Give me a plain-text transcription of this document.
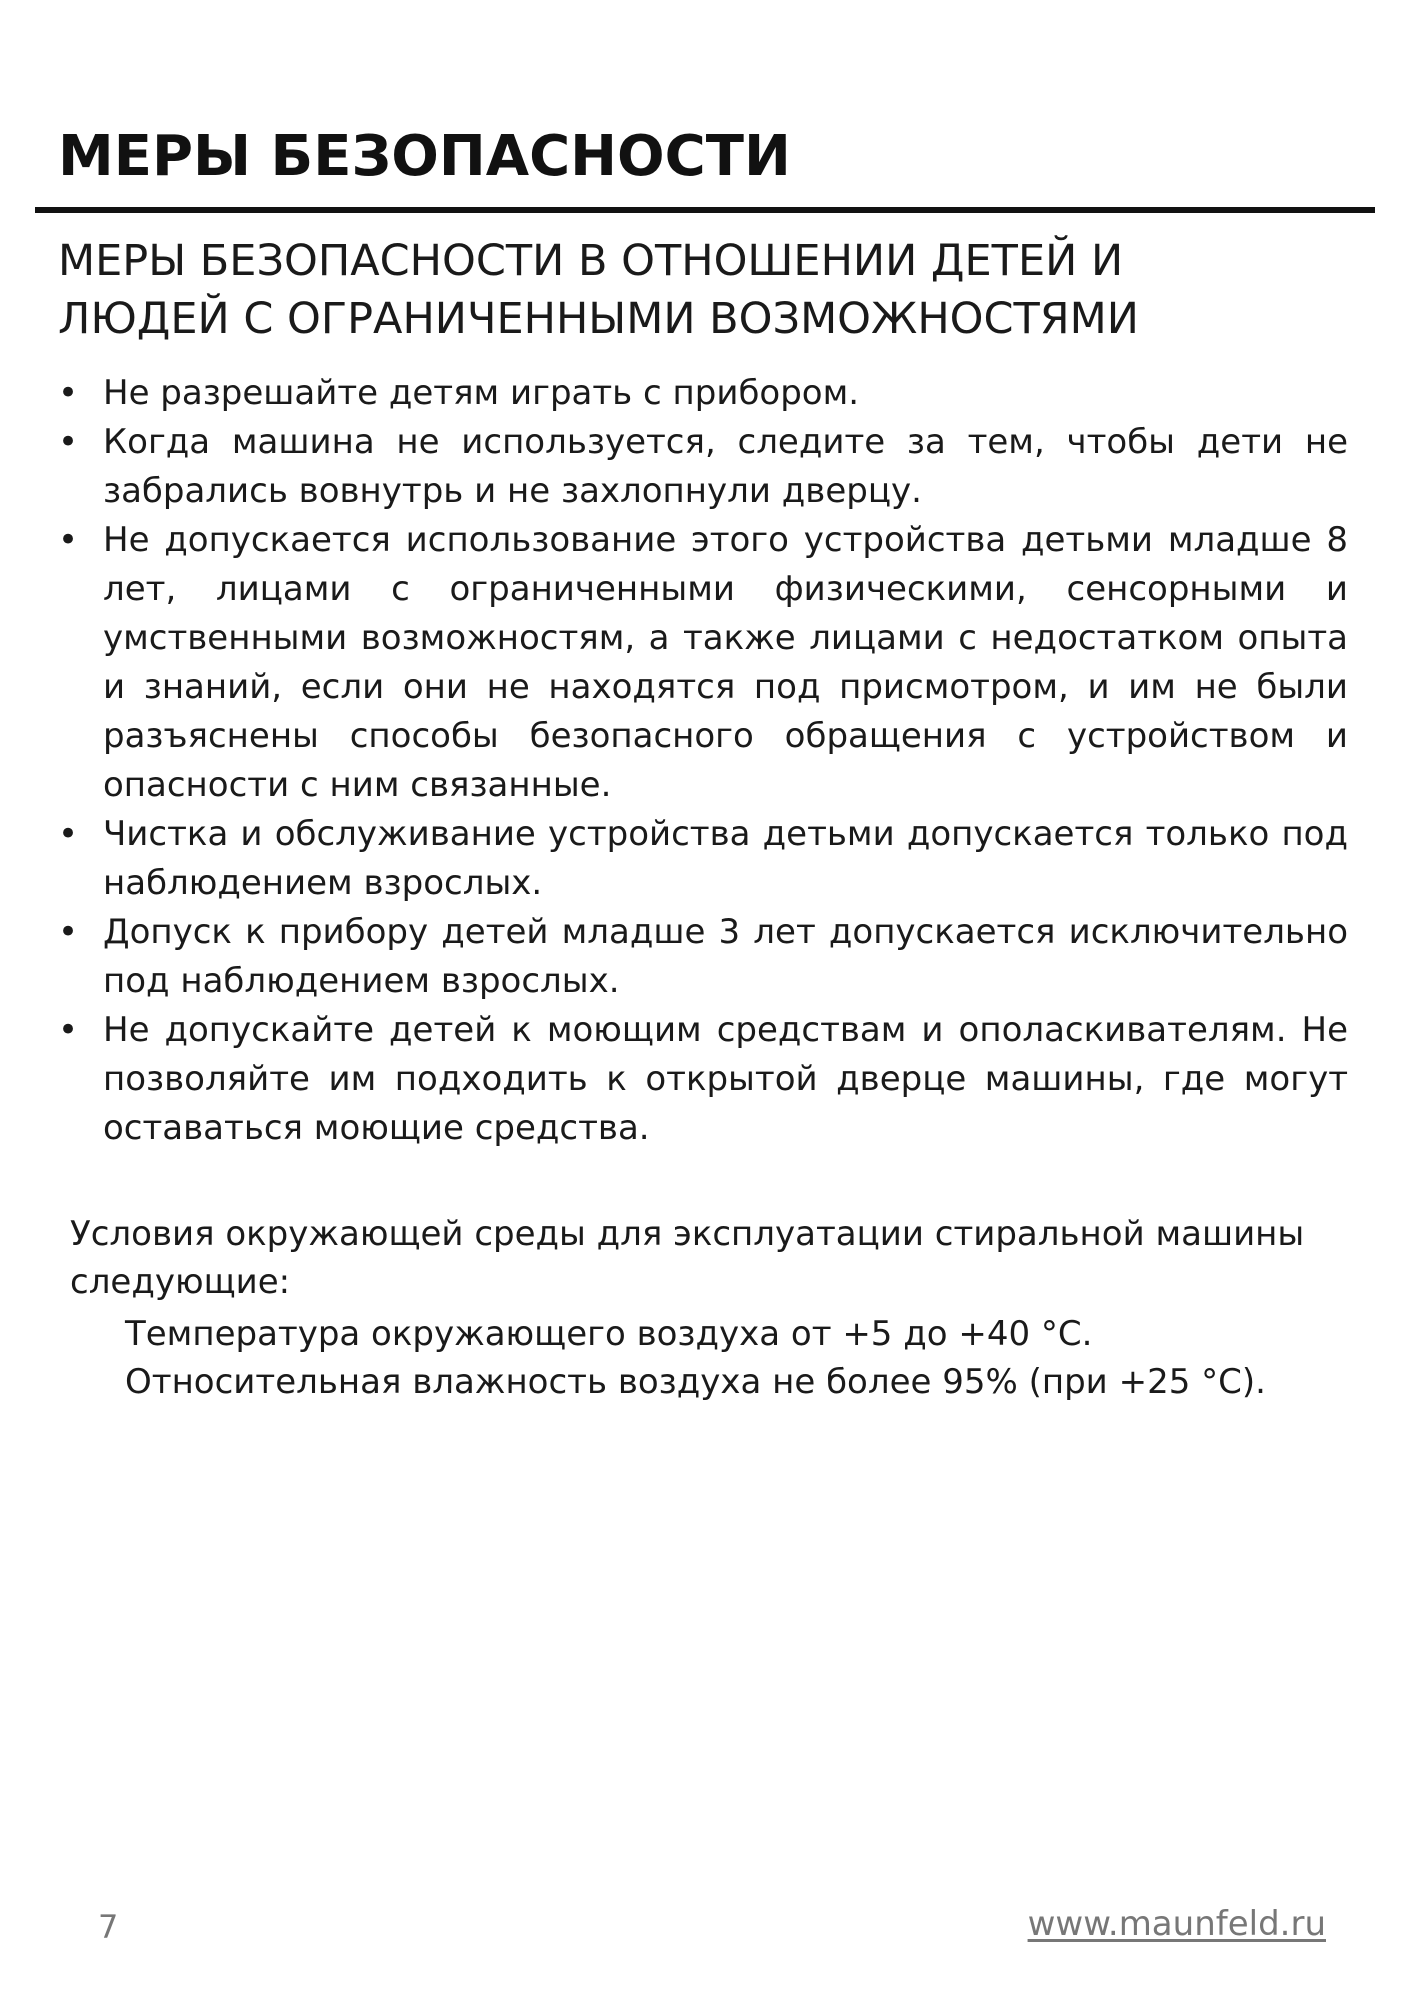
МЕРЫ БЕЗОПАСНОСТИ
МЕРЫ БЕЗОПАСНОСТИ В ОТНОШЕНИИ ДЕТЕЙ И
ЛЮДЕЙ С ОГРАНИЧЕННЫМИ ВОЗМОЖНОСТЯМИ
• Не разрешайте детям играть с прибором.
• Когда машина не используется, следите за тем, чтобы дети не забрались вовнутрь и не захлопнули дверцу.
• Не допускается использование этого устройства детьми младше 8 лет, лицами с ограниченными физическими, сенсорными и умственными возможностям, а также лицами с недостатком опыта и знаний, если они не находятся под присмотром, и им не были разъяснены способы безопасного обращения с устройством и опасности с ним связанные.
• Чистка и обслуживание устройства детьми допускается только под наблюдением взрослых.
• Допуск к прибору детей младше 3 лет допускается исключительно под наблюдением взрослых.
• Не допускайте детей к моющим средствам и ополаскивателям. Не позволяйте им подходить к открытой дверце машины, где могут оставаться моющие средства.

Условия окружающей среды для эксплуатации стиральной машины следующие:

Температура окружающего воздуха от +5 до +40 °С.

Относительная влажность воздуха не более 95% (при +25 °С).

7	www.maunfeld.ru
